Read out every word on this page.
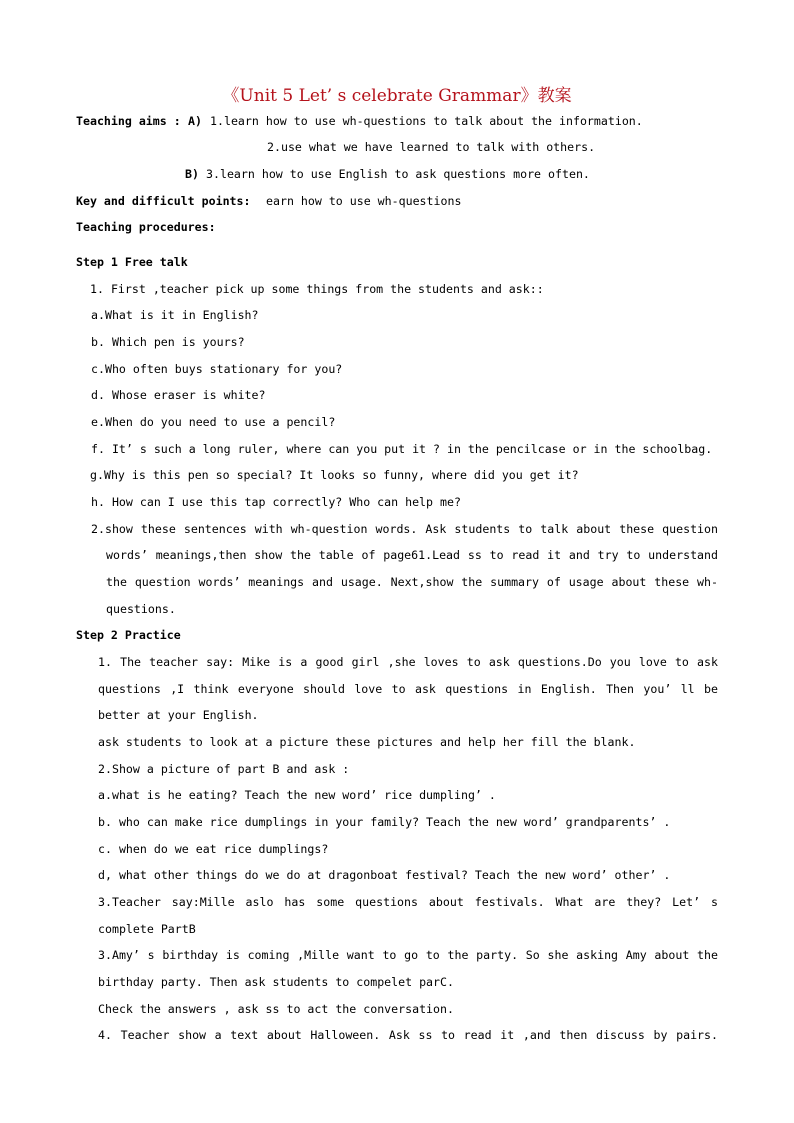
《Unit 5 Let’ s celebrate Grammar》教案
Teaching aims : A) 1.learn how to use wh-questions to talk about the information.
2.use what we have learned to talk with others.
B) 3.learn how to use English to ask questions more often.
Key and difficult points: earn how to use wh-questions
Teaching procedures:
Step 1 Free talk
1. First ,teacher pick up some things from the students and ask::
a.What is it in English?
b. Which pen is yours?
c.Who often buys stationary for you?
d. Whose eraser is white?
e.When do you need to use a pencil?
f. It’ s such a long ruler, where can you put it ? in the pencilcase or in the schoolbag.
g.Why is this pen so special? It looks so funny, where did you get it?
h. How can I use this tap correctly? Who can help me?
2.show these sentences with wh-question words. Ask students to talk about these question
words’ meanings,then show the table of page61.Lead ss to read it and try to understand
the question words’ meanings and usage. Next,show the summary of usage about these wh-
questions.
Step 2 Practice
1. The teacher say: Mike is a good girl ,she loves to ask questions.Do you love to ask
questions ,I think everyone should love to ask questions in English. Then you’ ll be
better at your English.
ask students to look at a picture these pictures and help her fill the blank.
2.Show a picture of part B and ask :
a.what is he eating? Teach the new word’ rice dumpling’ .
b. who can make rice dumplings in your family? Teach the new word’ grandparents’ .
c. when do we eat rice dumplings?
d, what other things do we do at dragonboat festival? Teach the new word’ other’ .
3.Teacher say:Mille aslo has some questions about festivals. What are they? Let’ s
complete PartB
3.Amy’ s birthday is coming ,Mille want to go to the party. So she asking Amy about the
birthday party. Then ask students to compelet parC.
Check the answers , ask ss to act the conversation.
4. Teacher show a text about Halloween. Ask ss to read it ,and then discuss by pairs.
